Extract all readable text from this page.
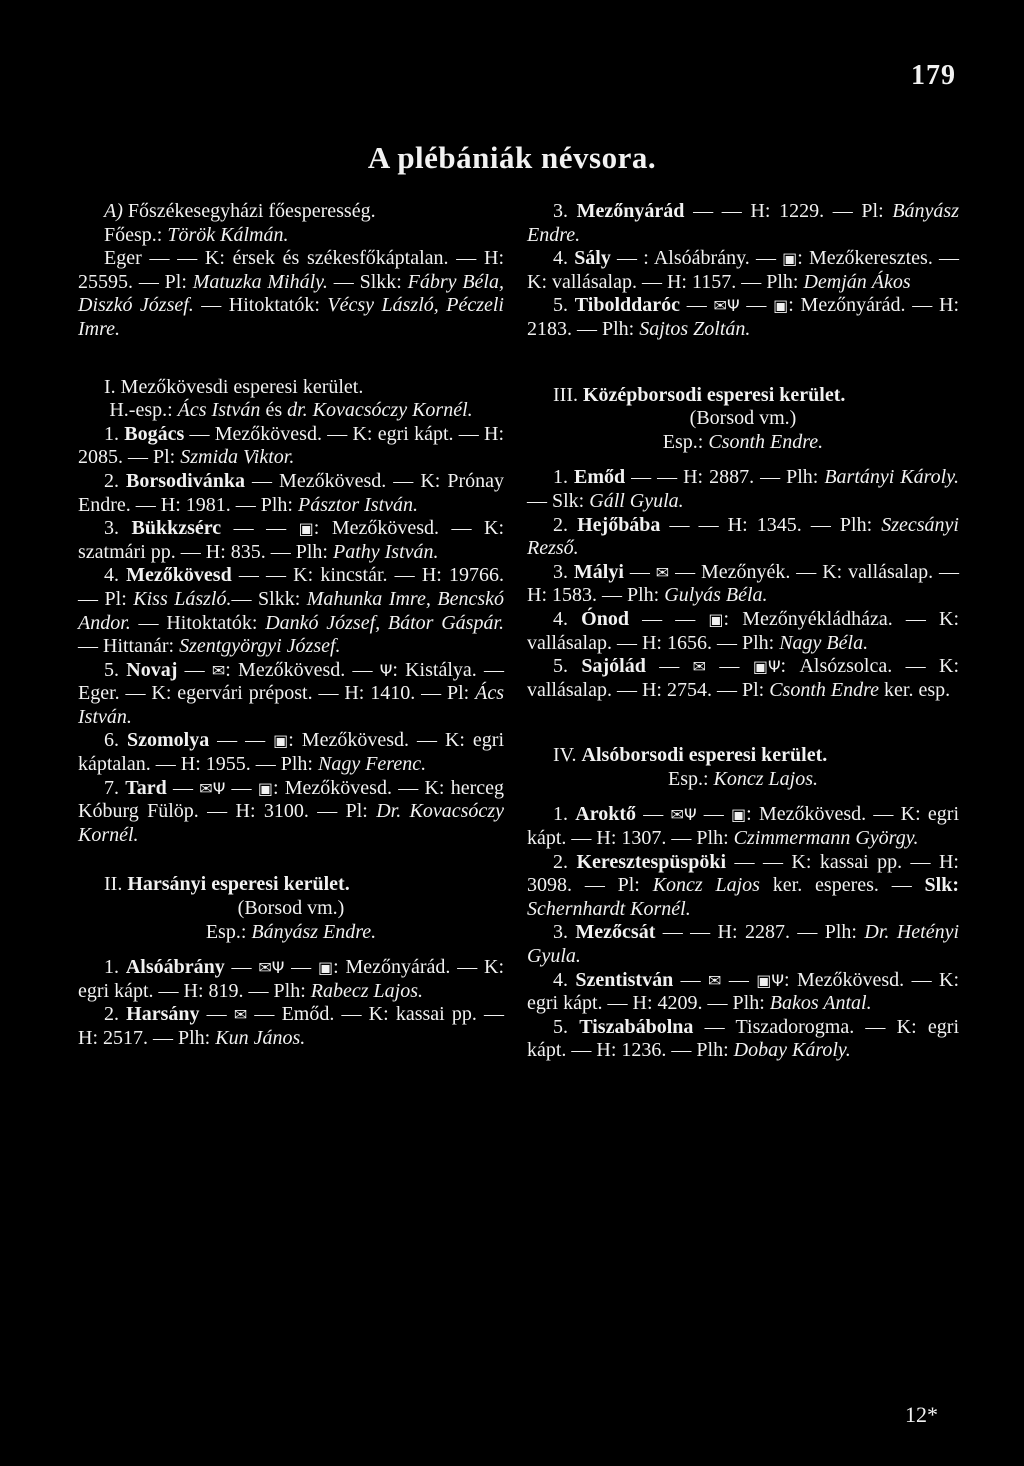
179
A plébániák névsora.

A) Főszékesegyházi főesperesség.

Főesp.: Török Kálmán.

Eger — — K: érsek és székesfőkáptalan. — H: 25595. — Pl: Matuzka Mihály. — Slkk: Fábry Béla, Diszkó József. — Hitoktatók: Vécsy László, Péczeli Imre.

I. Mezőkövesdi esperesi kerület.

H.-esp.: Ács István és dr. Kovacsóczy Kornél.

1. Bogács — Mezőkövesd. — K: egri kápt. — H: 2085. — Pl: Szmida Viktor.

2. Borsodivánka — Mezőkövesd. — K: Prónay Endre. — H: 1981. — Plh: Pásztor István.

3. Bükkzsérc — — ▣: Mezőkövesd. — K: szatmári pp. — H: 835. — Plh: Pathy István.

4. Mezőkövesd — — K: kincstár. — H: 19766. — Pl: Kiss László.— Slkk: Mahunka Imre, Bencskó Andor. — Hitoktatók: Dankó József, Bátor Gáspár. — Hittanár: Szentgyörgyi József.

5. Novaj — ✉: Mezőkövesd. — Ψ: Kistálya. — Eger. — K: egervári prépost. — H: 1410. — Pl: Ács István.

6. Szomolya — — ▣: Mezőkövesd. — K: egri káptalan. — H: 1955. — Plh: Nagy Ferenc.

7. Tard — ✉Ψ — ▣: Mezőkövesd. — K: herceg Kóburg Fülöp. — H: 3100. — Pl: Dr. Kovacsóczy Kornél.

II. Harsányi esperesi kerület.

(Borsod vm.)

Esp.: Bányász Endre.

1. Alsóábrány — ✉Ψ — ▣: Mezőnyárád. — K: egri kápt. — H: 819. — Plh: Rabecz Lajos.

2. Harsány — ✉ — Emőd. — K: kassai pp. — H: 2517. — Plh: Kun János.

3. Mezőnyárád — — H: 1229. — Pl: Bányász Endre.

4. Sály — : Alsóábrány. — ▣: Mezőkeresztes. — K: vallásalap. — H: 1157. — Plh: Demján Ákos

5. Tibolddaróc — ✉Ψ — ▣: Mezőnyárád. — H: 2183. — Plh: Sajtos Zoltán.

III. Középborsodi esperesi kerület.

(Borsod vm.)

Esp.: Csonth Endre.

1. Emőd — — H: 2887. — Plh: Bartányi Károly. — Slk: Gáll Gyula.

2. Hejőbába — — H: 1345. — Plh: Szecsányi Rezső.

3. Mályi — ✉ — Mezőnyék. — K: vallásalap. — H: 1583. — Plh: Gulyás Béla.

4. Ónod — — ▣: Mezőnyékládháza. — K: vallásalap. — H: 1656. — Plh: Nagy Béla.

5. Sajólád — ✉ — ▣Ψ: Alsózsolca. — K: vallásalap. — H: 2754. — Pl: Csonth Endre ker. esp.

IV. Alsóborsodi esperesi kerület.

Esp.: Koncz Lajos.

1. Aroktő — ✉Ψ — ▣: Mezőkövesd. — K: egri kápt. — H: 1307. — Plh: Czimmermann György.

2. Keresztespüspöki — — K: kassai pp. — H: 3098. — Pl: Koncz Lajos ker. esperes. — Slk: Schernhardt Kornél.

3. Mezőcsát — — H: 2287. — Plh: Dr. Hetényi Gyula.

4. Szentistván — ✉ — ▣Ψ: Mezőkövesd. — K: egri kápt. — H: 4209. — Plh: Bakos Antal.

5. Tiszabábolna — Tiszadorogma. — K: egri kápt. — H: 1236. — Plh: Dobay Károly.

12*
